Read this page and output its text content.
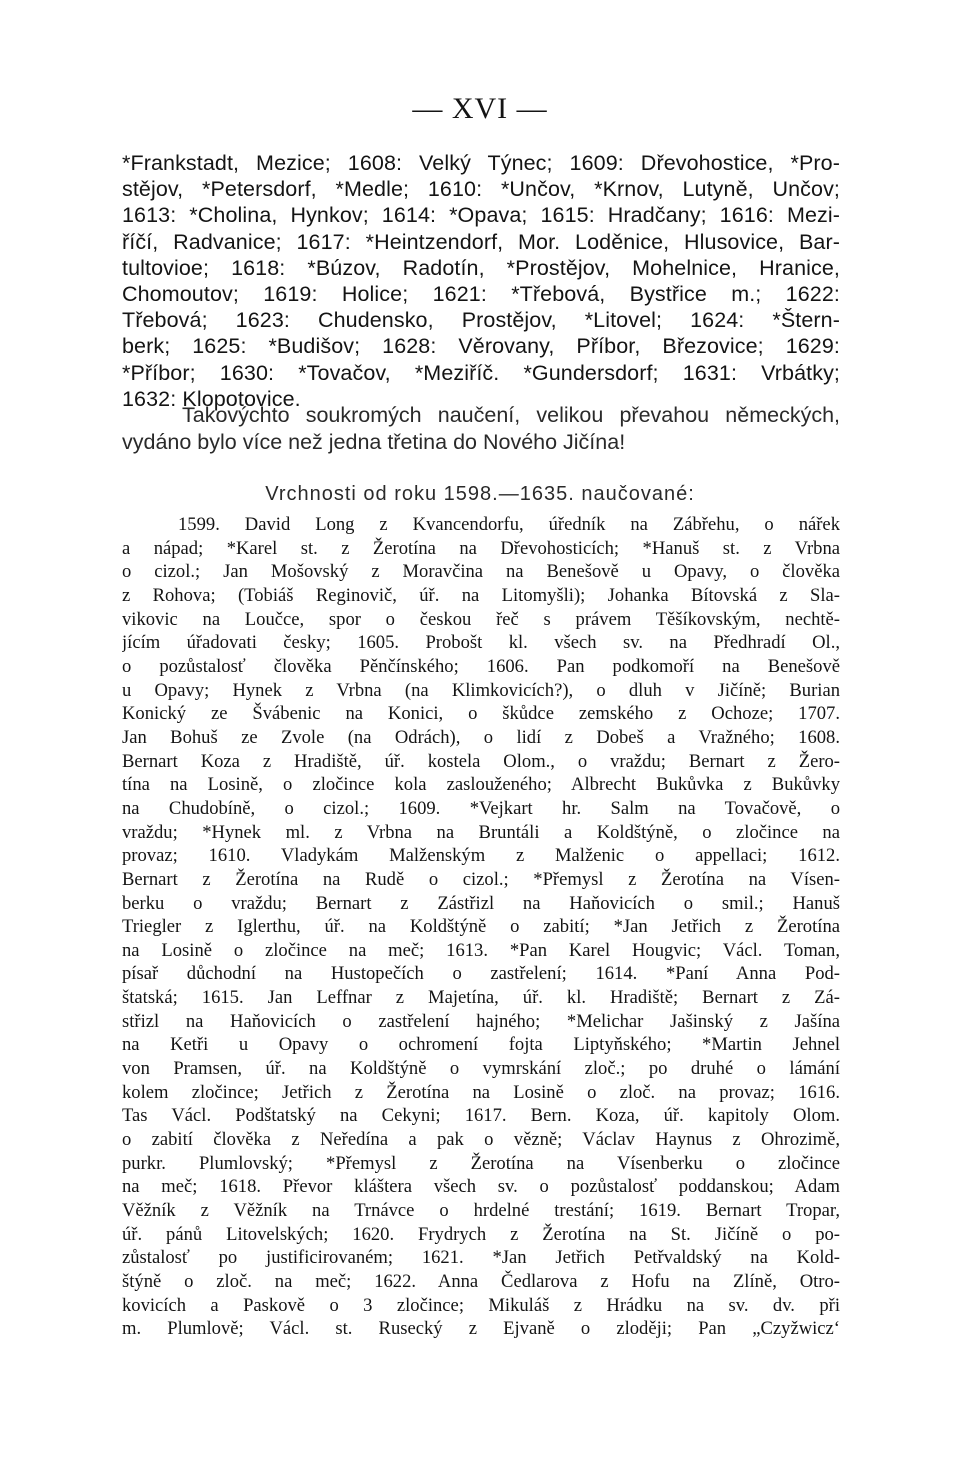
— XVI —
*Frankstadt, Mezice; 1608: Velký Týnec; 1609: Dřevohostice, *Pro-
stějov, *Petersdorf, *Medle; 1610: *Unčov, *Krnov, Lutyně, Unčov;
1613: *Cholina, Hynkov; 1614: *Opava; 1615: Hradčany; 1616: Mezi-
říčí, Radvanice; 1617: *Heintzendorf, Mor. Loděnice, Hlusovice, Bar-
tultovioe; 1618: *Búzov, Radotín, *Prostějov, Mohelnice, Hranice,
Chomoutov; 1619: Holice; 1621: *Třebová, Bystřice m.; 1622:
Třebová; 1623: Chudensko, Prostějov, *Litovel; 1624: *Štern-
berk; 1625: *Budišov; 1628: Věrovany, Příbor, Březovice; 1629:
*Příbor; 1630: *Tovačov, *Meziříč. *Gundersdorf; 1631: Vrbátky;
1632: Klopotovice.
Takovýchto soukromých naučení, velikou převahou německých,
vydáno bylo více než jedna třetina do Nového Jičína!
Vrchnosti od roku 1598.—1635. naučované:
1599. David Long z Kvancendorfu, úředník na Zábřehu, o nářek
a nápad; *Karel st. z Žerotína na Dřevohosticích; *Hanuš st. z Vrbna
o cizol.; Jan Mošovský z Moravčina na Benešově u Opavy, o člověka
z Rohova; (Tobiáš Reginovič, úř. na Litomyšli); Johanka Bítovská z Sla-
vikovic na Loučce, spor o českou řeč s právem Těšíkovským, nechtě-
jícím úřadovati česky; 1605. Probošt kl. všech sv. na Předhradí Ol.,
o pozůstalosť člověka Pěnčínského; 1606. Pan podkomoří na Benešově
u Opavy; Hynek z Vrbna (na Klimkovicích?), o dluh v Jičíně; Burian
Konický ze Švábenic na Konici, o škůdce zemského z Ochoze; 1707.
Jan Bohuš ze Zvole (na Odrách), o lidí z Dobeš a Vražného; 1608.
Bernart Koza z Hradiště, úř. kostela Olom., o vraždu; Bernart z Žero-
tína na Losině, o zločince kola zaslouženého; Albrecht Bukůvka z Bukůvky
na Chudobíně, o cizol.; 1609. *Vejkart hr. Salm na Tovačově, o
vraždu; *Hynek ml. z Vrbna na Bruntáli a Koldštýně, o zločince na
provaz; 1610. Vladykám Malženským z Malženic o appellaci; 1612.
Bernart z Žerotína na Rudě o cizol.; *Přemysl z Žerotína na Vísen-
berku o vraždu; Bernart z Zástřizl na Haňovicích o smil.; Hanuš
Triegler z Iglerthu, úř. na Koldštýně o zabití; *Jan Jetřich z Žerotína
na Losině o zločince na meč; 1613. *Pan Karel Hougvic; Václ. Toman,
písař důchodní na Hustopečích o zastřelení; 1614. *Paní Anna Pod-
štatská; 1615. Jan Leffnar z Majetína, úř. kl. Hradiště; Bernart z Zá-
střizl na Haňovicích o zastřelení hajného; *Melichar Jašinský z Jašína
na Ketři u Opavy o ochromení fojta Liptyňského; *Martin Jehnel
von Pramsen, úř. na Koldštýně o vymrskání zloč.; po druhé o lámání
kolem zločince; Jetřich z Žerotína na Losině o zloč. na provaz; 1616.
Tas Václ. Podštatský na Cekyni; 1617. Bern. Koza, úř. kapitoly Olom.
o zabití člověka z Neředína a pak o vězně; Václav Haynus z Ohrozimě,
purkr. Plumlovský; *Přemysl z Žerotína na Vísenberku o zločince
na meč; 1618. Převor kláštera všech sv. o pozůstalosť poddanskou; Adam
Věžník z Věžník na Trnávce o hrdelné trestání; 1619. Bernart Tropar,
úř. pánů Litovelských; 1620. Frydrych z Žerotína na St. Jičíně o po-
zůstalosť po justificirovaném; 1621. *Jan Jetřich Petřvaldský na Kold-
štýně o zloč. na meč; 1622. Anna Čedlarova z Hofu na Zlíně, Otro-
kovicích a Paskově o 3 zločince; Mikuláš z Hrádku na sv. dv. při
m. Plumlově; Václ. st. Rusecký z Ejvaně o zloději; Pan „Czyžwicz‘
